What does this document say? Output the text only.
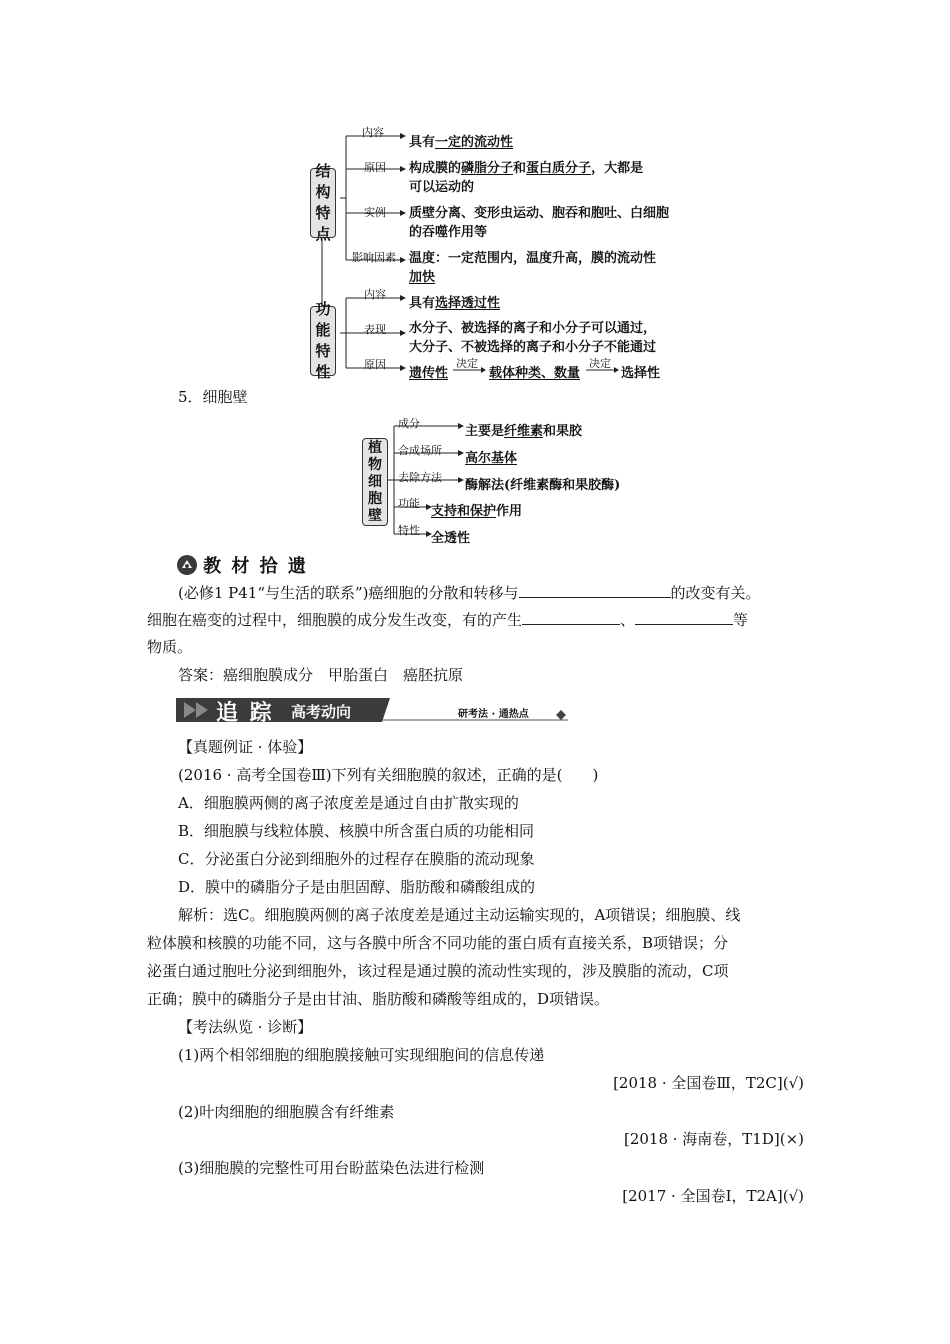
结
构
特
点
功
能
特
性
内容
原因
实例
影响因素
具有一定的流动性
构成膜的磷脂分子和蛋白质分子，大都是
可以运动的
质壁分离、变形虫运动、胞吞和胞吐、白细胞
的吞噬作用等
温度：一定范围内，温度升高，膜的流动性
加快
内容
表现
原因
具有选择透过性
水分子、被选择的离子和小分子可以通过，
大分子、不被选择的离子和小分子不能通过
遗传性
决定
载体种类、数量
决定
选择性
5．细胞壁
植
物
细
胞
壁
成分
合成场所
去除方法
功能
特性
主要是纤维素和果胶
高尔基体
酶解法(纤维素酶和果胶酶)
支持和保护作用
全透性
教 材 拾 遗
(必修1 P41“与生活的联系”)癌细胞的分散和转移与	的改变有关。
细胞在癌变的过程中，细胞膜的成分发生改变，有的产生	、	等
物质。
答案：癌细胞膜成分　甲胎蛋白　癌胚抗原
追 踪 高考动向	研考法 · 通热点
【真题例证 · 体验】
(2016 · 高考全国卷Ⅲ)下列有关细胞膜的叙述，正确的是(　　)
A．细胞膜两侧的离子浓度差是通过自由扩散实现的
B．细胞膜与线粒体膜、核膜中所含蛋白质的功能相同
C．分泌蛋白分泌到细胞外的过程存在膜脂的流动现象
D．膜中的磷脂分子是由胆固醇、脂肪酸和磷酸组成的
解析：选C。细胞膜两侧的离子浓度差是通过主动运输实现的，A项错误；细胞膜、线
粒体膜和核膜的功能不同，这与各膜中所含不同功能的蛋白质有直接关系，B项错误；分
泌蛋白通过胞吐分泌到细胞外，该过程是通过膜的流动性实现的，涉及膜脂的流动，C项
正确；膜中的磷脂分子是由甘油、脂肪酸和磷酸等组成的，D项错误。
【考法纵览 · 诊断】
(1)两个相邻细胞的细胞膜接触可实现细胞间的信息传递
[2018 · 全国卷Ⅲ，T2C](√)
(2)叶肉细胞的细胞膜含有纤维素
[2018 · 海南卷，T1D](×)
(3)细胞膜的完整性可用台盼蓝染色法进行检测
[2017 · 全国卷Ⅰ，T2A](√)
